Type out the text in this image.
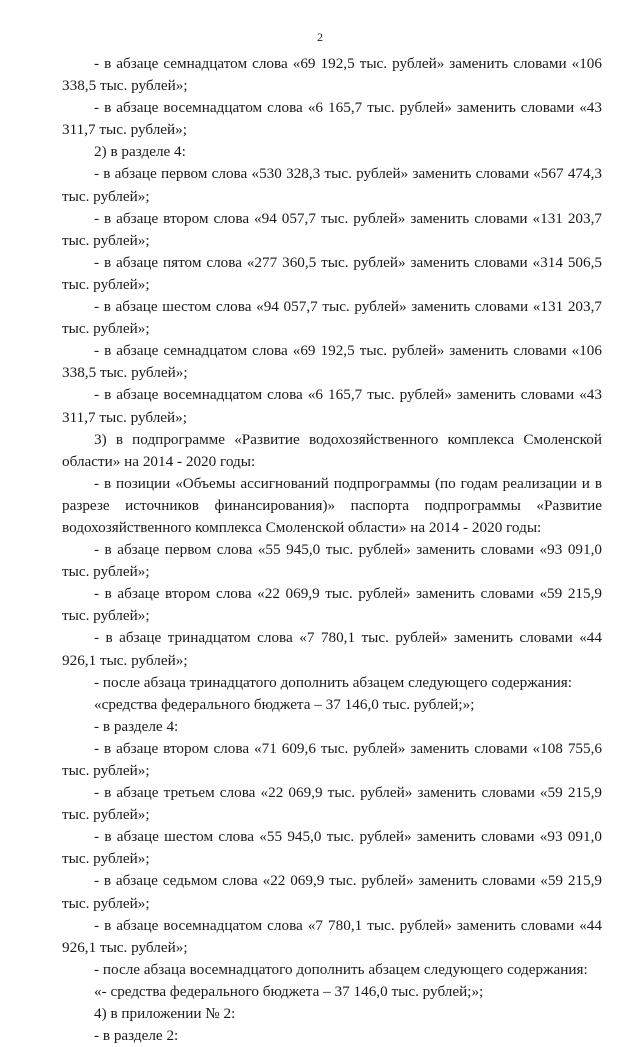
2

- в абзаце семнадцатом слова «69 192,5 тыс. рублей» заменить словами «106 338,5 тыс. рублей»;

- в абзаце восемнадцатом слова «6 165,7 тыс. рублей» заменить словами «43 311,7 тыс. рублей»;

2) в разделе 4:

- в абзаце первом слова «530 328,3 тыс. рублей» заменить словами «567 474,3 тыс. рублей»;

- в абзаце втором слова «94 057,7 тыс. рублей» заменить словами «131 203,7 тыс. рублей»;

- в абзаце пятом слова «277 360,5 тыс. рублей» заменить словами «314 506,5 тыс. рублей»;

- в абзаце шестом слова «94 057,7 тыс. рублей» заменить словами «131 203,7 тыс. рублей»;

- в абзаце семнадцатом слова «69 192,5 тыс. рублей» заменить словами «106 338,5 тыс. рублей»;

- в абзаце восемнадцатом слова «6 165,7 тыс. рублей» заменить словами «43 311,7 тыс. рублей»;

3) в подпрограмме «Развитие водохозяйственного комплекса Смоленской области» на 2014 - 2020 годы:

- в позиции «Объемы ассигнований подпрограммы (по годам реализации и в разрезе источников финансирования)» паспорта подпрограммы «Развитие водохозяйственного комплекса Смоленской области» на 2014 - 2020 годы:

- в абзаце первом слова «55 945,0 тыс. рублей» заменить словами «93 091,0 тыс. рублей»;

- в абзаце втором слова «22 069,9 тыс. рублей» заменить словами «59 215,9 тыс. рублей»;

- в абзаце тринадцатом слова «7 780,1 тыс. рублей» заменить словами «44 926,1 тыс. рублей»;

- после абзаца тринадцатого дополнить абзацем следующего содержания:

«средства федерального бюджета – 37 146,0 тыс. рублей;»;

- в разделе 4:

- в абзаце втором слова «71 609,6 тыс. рублей» заменить словами «108 755,6 тыс. рублей»;

- в абзаце третьем слова «22 069,9 тыс. рублей» заменить словами «59 215,9 тыс. рублей»;

- в абзаце шестом слова «55 945,0 тыс. рублей» заменить словами «93 091,0 тыс. рублей»;

- в абзаце седьмом слова «22 069,9 тыс. рублей» заменить словами «59 215,9 тыс. рублей»;

- в абзаце восемнадцатом слова «7 780,1 тыс. рублей» заменить словами «44 926,1 тыс. рублей»;

- после абзаца восемнадцатого дополнить абзацем следующего содержания:

«- средства федерального бюджета – 37 146,0 тыс. рублей;»;

4) в приложении № 2:

- в разделе 2:
